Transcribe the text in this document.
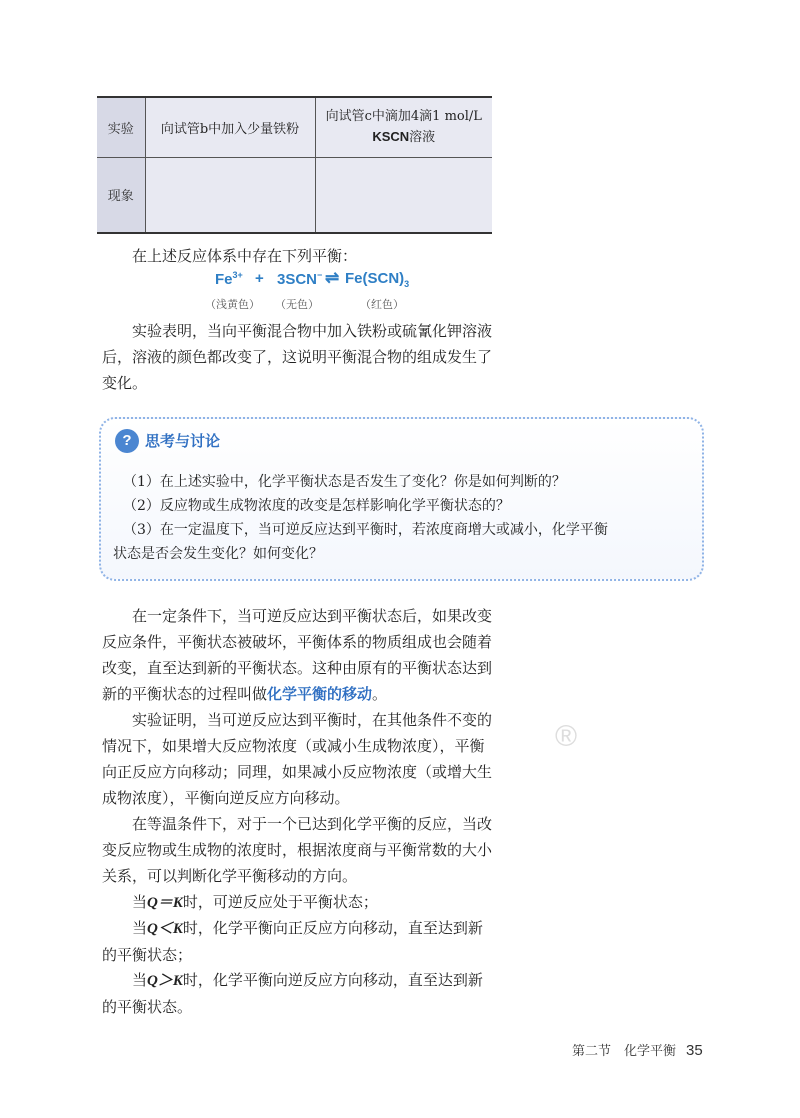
实验	向试管b中加入少量铁粉	向试管c中滴加4滴1 mol/L
KSCN溶液

现象		
在上述反应体系中存在下列平衡：
$Fe^{3+} + 3SCN^-$ ⇌ $Fe(SCN)_3$
（浅黄色） （无色）	（红色）
实验表明，当向平衡混合物中加入铁粉或硫氰化钾溶液后，溶液的颜色都改变了，这说明平衡混合物的组成发生了变化。
? 思考与讨论
（1）在上述实验中，化学平衡状态是否发生了变化？你是如何判断的？
（2）反应物或生成物浓度的改变是怎样影响化学平衡状态的？
（3）在一定温度下，当可逆反应达到平衡时，若浓度商增大或减小，化学平衡
状态是否会发生变化？如何变化？
在一定条件下，当可逆反应达到平衡状态后，如果改变反应条件，平衡状态被破坏，平衡体系的物质组成也会随着改变，直至达到新的平衡状态。这种由原有的平衡状态达到新的平衡状态的过程叫做化学平衡的移动。
实验证明，当可逆反应达到平衡时，在其他条件不变的情况下，如果增大反应物浓度（或减小生成物浓度），平衡向正反应方向移动；同理，如果减小反应物浓度（或增大生成物浓度），平衡向逆反应方向移动。
在等温条件下，对于一个已达到化学平衡的反应，当改变反应物或生成物的浓度时，根据浓度商与平衡常数的大小关系，可以判断化学平衡移动的方向。
当Q＝K时，可逆反应处于平衡状态；
当Q＜K时，化学平衡向正反应方向移动，直至达到新的平衡状态；
当Q＞K时，化学平衡向逆反应方向移动，直至达到新的平衡状态。
®
第二节　化学平衡 35
